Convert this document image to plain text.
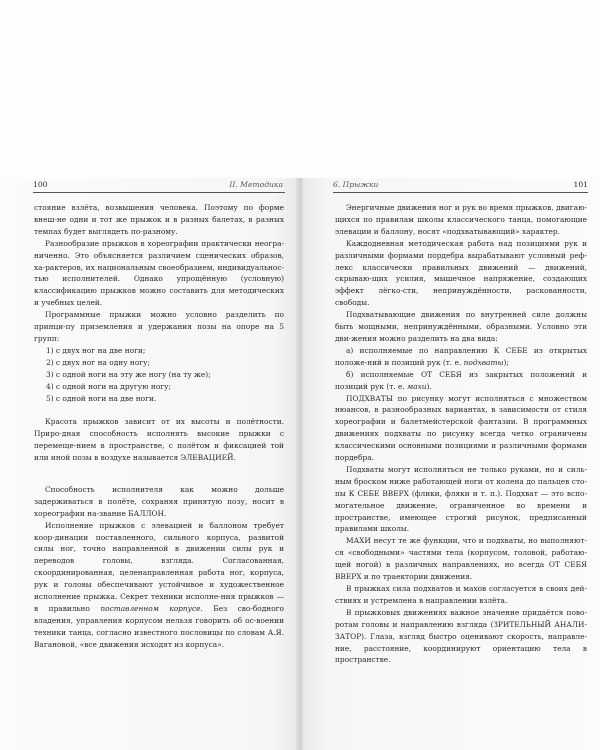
100	II. Методика

стояние взлёта, возвышения человека. Поэтому по форме внеш-не одни и тот же прыжок и в разных балетах, в разных темпах будет выглядеть по-разному.

Разнообразие прыжков в хореографии практически неогра-ниченно. Это объясняется различием сценических образов, ха-рактеров, их национальным своеобразием, индивидуальнос-тью исполнителей. Однако упрощённую (условную) классификацию прыжков можно составить для методических и учебных целей.

Программные прыжки можно условно разделить по принци-пу приземления и удержания позы на опоре на 5 групп:

1) с двух ног на две ноги;
2) с двух ног на одну ногу;
3) с одной ноги на эту же ногу (на ту же);
4) с одной ноги на другую ногу;
5) с одной ноги на две ноги.

Красота прыжков зависит от их высоты и полётности. Приро-дная способность исполнять высокие прыжки с перемеще-нием в пространстве, с полётом и фиксацией той или иной позы в воздухе называется ЭЛЕВАЦИЕЙ.

Способность исполнителя как можно дольше задерживаться в полёте, сохраняя принятую позу, носит в хореографии на-звание БАЛЛОН.

Исполнение прыжков с элевацией и баллоном требует коор-динации поставленного, сильного корпуса, развитой силы ног, точно направленной в движении силы рук и переводов головы, взгляда. Согласованная, скоординированная, целенаправленная работа ног, корпуса, рук и головы обеспечивают устойчивое и художественное исполнение прыжка. Секрет техники исполне-ния прыжков — в правильно поставленном корпусе. Без сво-бодного владения, управления корпусом нельзя говорить об ос-воении техники танца, согласно известного пословицы по словам А.Я. Вагановой, «все движения исходят из корпуса».

6. Прыжки	101

Энергичные движения ног и рук во время прыжков, двигаю-щихся по правилам школы классического танца, помогающие элевации и баллону, носят «подхватывающий» характер.

Каждодневная методическая работа над позициями рук и различными формами пордебра вырабатывают условный реф-лекс классически правильных движений — движений, скрываю-щих усилия, мышечное напряжение, создающих эффект лёгко-сти, непринуждённости, раскованности, свободы.

Подхватывающие движения по внутренней силе должны быть мощными, непринуждёнными, образными. Условно эти дви-жения можно разделить на два вида:

а) исполняемые по направлению К СЕБЕ из открытых положе-ний и позиций рук (т. е. подхваты);

б) исполняемые ОТ СЕБЯ из закрытых положений и позиций рук (т. е. махи).

ПОДХВАТЫ по рисунку могут исполняться с множеством нюансов, в разнообразных вариантах, в зависимости от стиля хореографии и балетмейстерской фантазии. В программных движениях подхваты по рисунку всегда четко ограничены классическими основными позициями и различными формами пордебра.

Подхваты могут исполняться не только руками, но и силь-ным броском ниже работающей ноги от колена до пальцев сто-пы К СЕБЕ ВВЕРХ (флики, фляки и т. п.). Подхват — это вспо-могательное движение, ограниченное во времени и пространстве, имеющее строгий рисунок, предписанный правилами школы.

МАХИ несут те же функции, что и подхваты, но выполняют-ся «свободными» частями тела (корпусом, головой, работаю-щей ногой) в различных направлениях, но всегда ОТ СЕБЯ ВВЕРХ и по траектории движения.

В прыжках сила подхватов и махов согласуется в своих дей-ствиях и устремлена в направлении взлёта.

В прыжковых движениях важное значение придаётся пово-ротам головы и направлению взгляда (ЗРИТЕЛЬНЫЙ АНАЛИ-ЗАТОР). Глаза, взгляд быстро оценивают скорость, направле-ние, расстояние, координируют ориентацию тела в пространстве.
